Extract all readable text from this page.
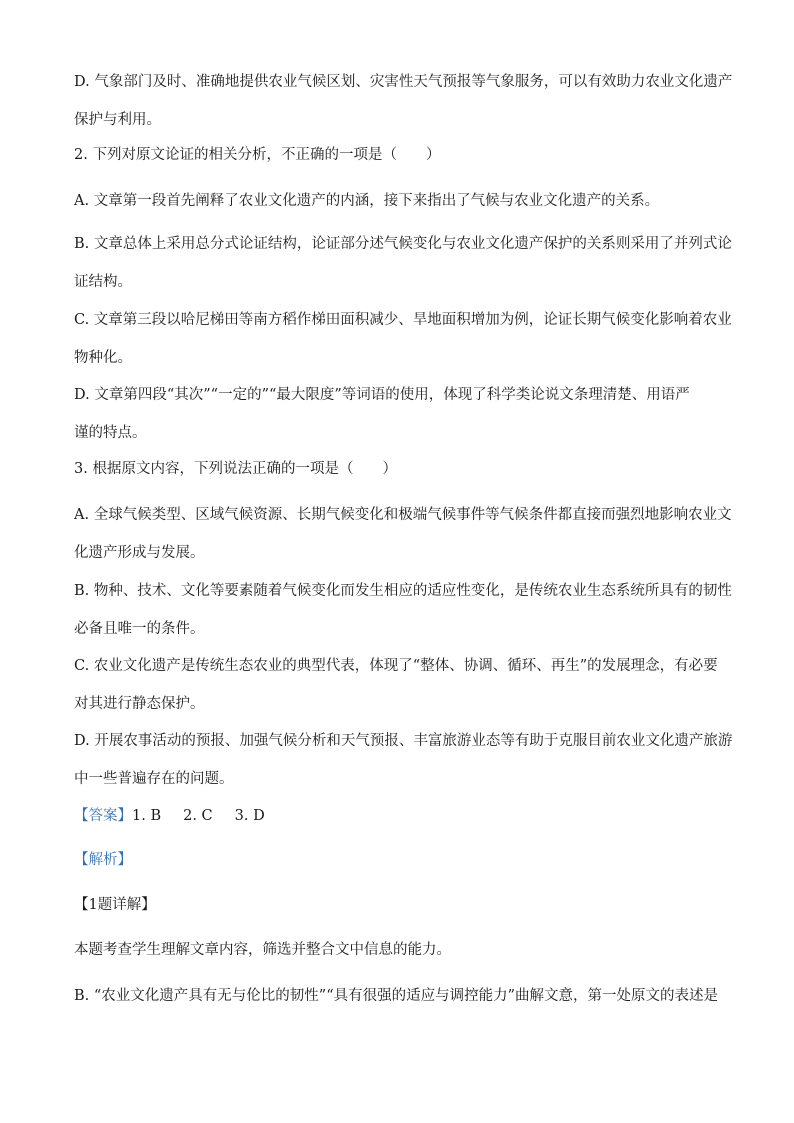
D. 气象部门及时、准确地提供农业气候区划、灾害性天气预报等气象服务，可以有效助力农业文化遗产
保护与利用。

2. 下列对原文论证的相关分析，不正确的一项是（　　）

A. 文章第一段首先阐释了农业文化遗产的内涵，接下来指出了气候与农业文化遗产的关系。

B. 文章总体上采用总分式论证结构，论证部分述气候变化与农业文化遗产保护的关系则采用了并列式论
证结构。

C. 文章第三段以哈尼梯田等南方稻作梯田面积减少、旱地面积增加为例，论证长期气候变化影响着农业
物种化。

D. 文章第四段“其次”“一定的”“最大限度”等词语的使用，体现了科学类论说文条理清楚、用语严
谨的特点。

3. 根据原文内容，下列说法正确的一项是（　　）

A. 全球气候类型、区域气候资源、长期气候变化和极端气候事件等气候条件都直接而强烈地影响农业文
化遗产形成与发展。

B. 物种、技术、文化等要素随着气候变化而发生相应的适应性变化，是传统农业生态系统所具有的韧性
必备且唯一的条件。

C. 农业文化遗产是传统生态农业的典型代表，体现了“整体、协调、循环、再生”的发展理念，有必要
对其进行静态保护。

D. 开展农事活动的预报、加强气候分析和天气预报、丰富旅游业态等有助于克服目前农业文化遗产旅游
中一些普遍存在的问题。

【答案】1. B 2. C 3. D

【解析】

【1题详解】

本题考查学生理解文章内容，筛选并整合文中信息的能力。

B. “农业文化遗产具有无与伦比的韧性”“具有很强的适应与调控能力”曲解文意，第一处原文的表述是
